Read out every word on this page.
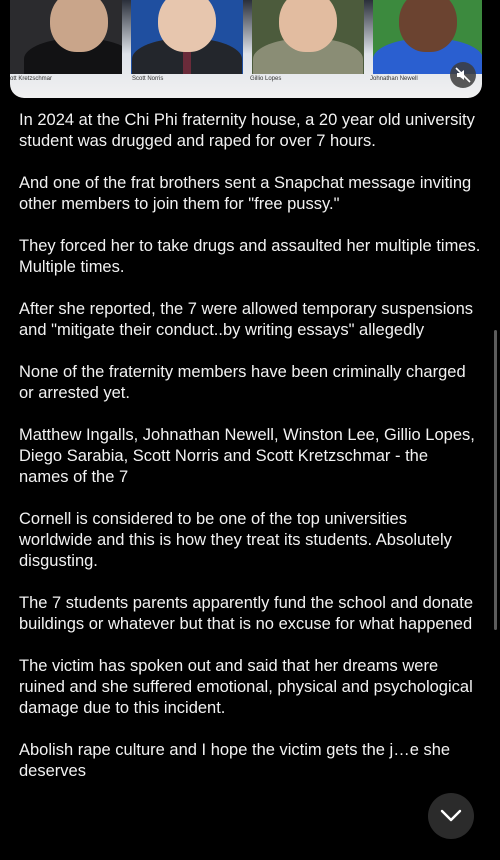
ott Kretzschmar	Scott Norris	Gillio Lopes	Johnathan Newell

In 2024 at the Chi Phi fraternity house, a 20 year old university student was drugged and raped for over 7 hours.

And one of the frat brothers sent a Snapchat message inviting other members to join them for "free pussy."

They forced her to take drugs and assaulted her multiple times. Multiple times.

After she reported, the 7 were allowed temporary suspensions and "mitigate their conduct..by writing essays" allegedly

None of the fraternity members have been criminally charged or arrested yet.

Matthew Ingalls, Johnathan Newell, Winston Lee, Gillio Lopes, Diego Sarabia, Scott Norris and Scott Kretzschmar - the names of the 7

Cornell is considered to be one of the top universities worldwide and this is how they treat its students. Absolutely disgusting.

The 7 students parents apparently fund the school and donate buildings or whatever but that is no excuse for what happened

The victim has spoken out and said that her dreams were ruined and she suffered emotional, physical and psychological damage due to this incident.

Abolish rape culture and I hope the victim gets the j…e she deserves
